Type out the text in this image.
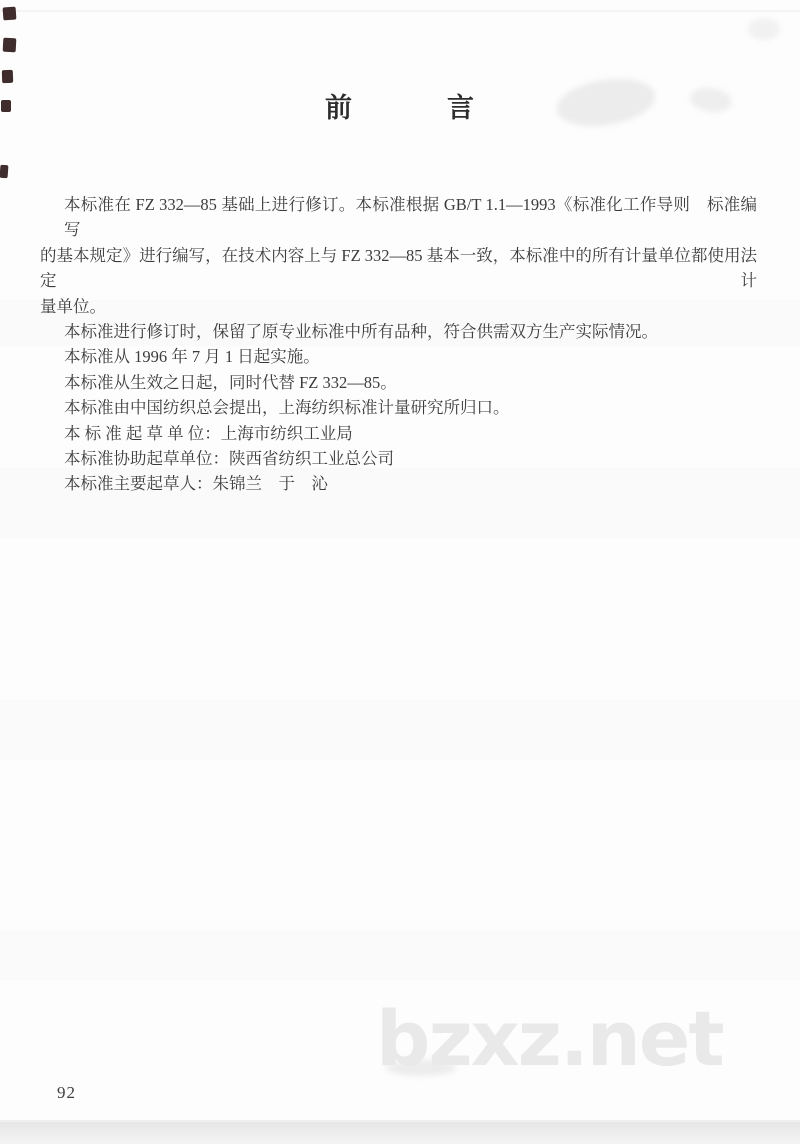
前	言
本标准在 FZ 332—85 基础上进行修订。本标准根据 GB/T 1.1—1993《标准化工作导则　标准编写
的基本规定》进行编写，在技术内容上与 FZ 332—85 基本一致，本标准中的所有计量单位都使用法定计
量单位。
本标准进行修订时，保留了原专业标准中所有品种，符合供需双方生产实际情况。
本标准从 1996 年 7 月 1 日起实施。
本标准从生效之日起，同时代替 FZ 332—85。
本标准由中国纺织总会提出，上海纺织标准计量研究所归口。
本 标 准 起 草 单 位：上海市纺织工业局
本标准协助起草单位：陕西省纺织工业总公司
本标准主要起草人：朱锦兰　于　沁
bzxz.net
92
